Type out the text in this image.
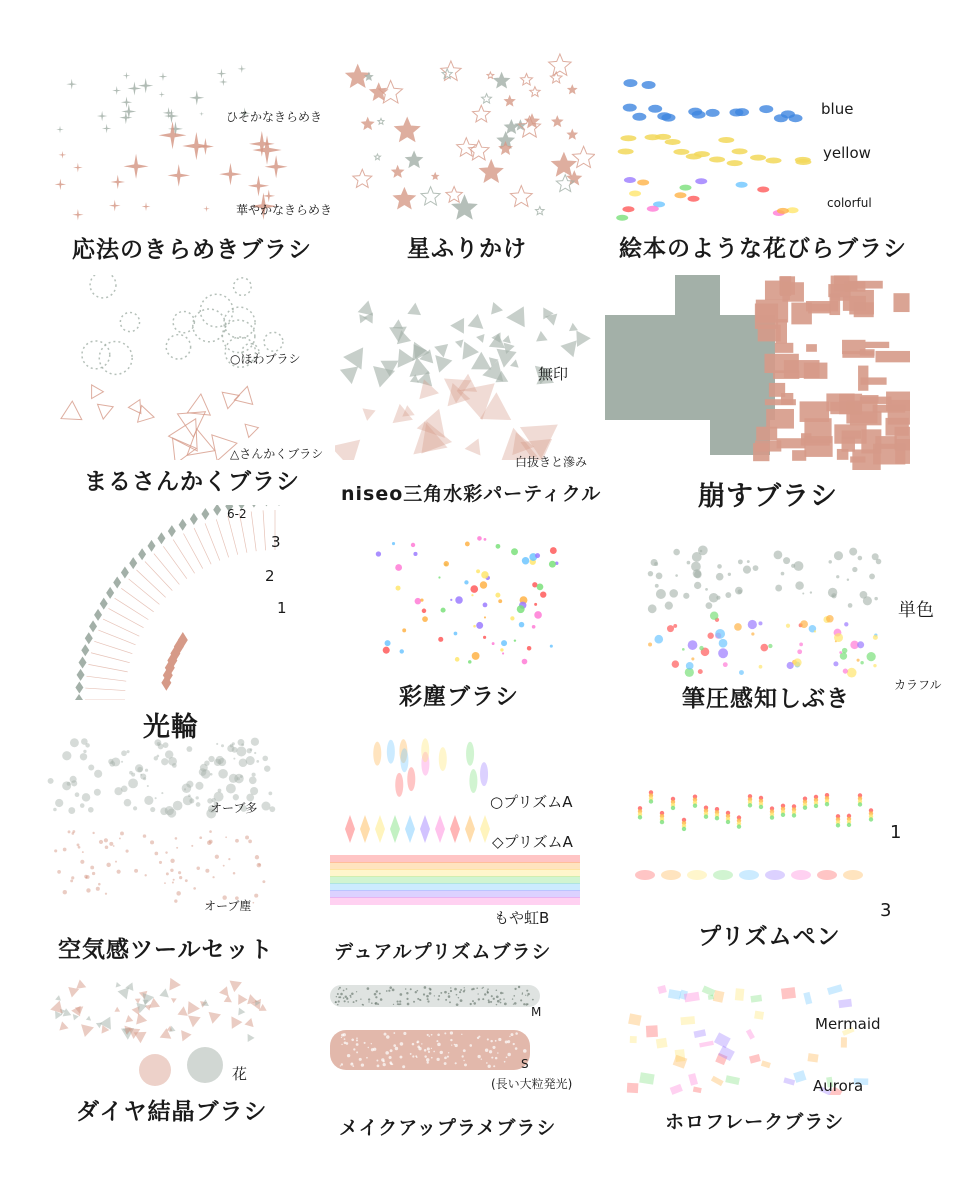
ひそかなきらめき
華やかなきらめき
応法のきらめきブラシ	星ふりかけ
blue
yellow
colorful
絵本のような花びらブラシ
○ほわブラシ
△さんかくブラシ
まるさんかくブラシ
無印
白抜きと滲み
niseo三角水彩パーティクル	崩すブラシ
6-2
3
2
1
光輪
彩塵ブラシ
単色
カラフル
筆圧感知しぶき
オーブ多
オーブ塵
空気感ツールセット
○プリズムA
◇プリズムA
もや虹B
デュアルプリズムブラシ
1
3
プリズムペン
花
ダイヤ結晶ブラシ
M
S
(長い大粒発光)
メイクアップラメブラシ
Mermaid
Aurora
ホロフレークブラシ
